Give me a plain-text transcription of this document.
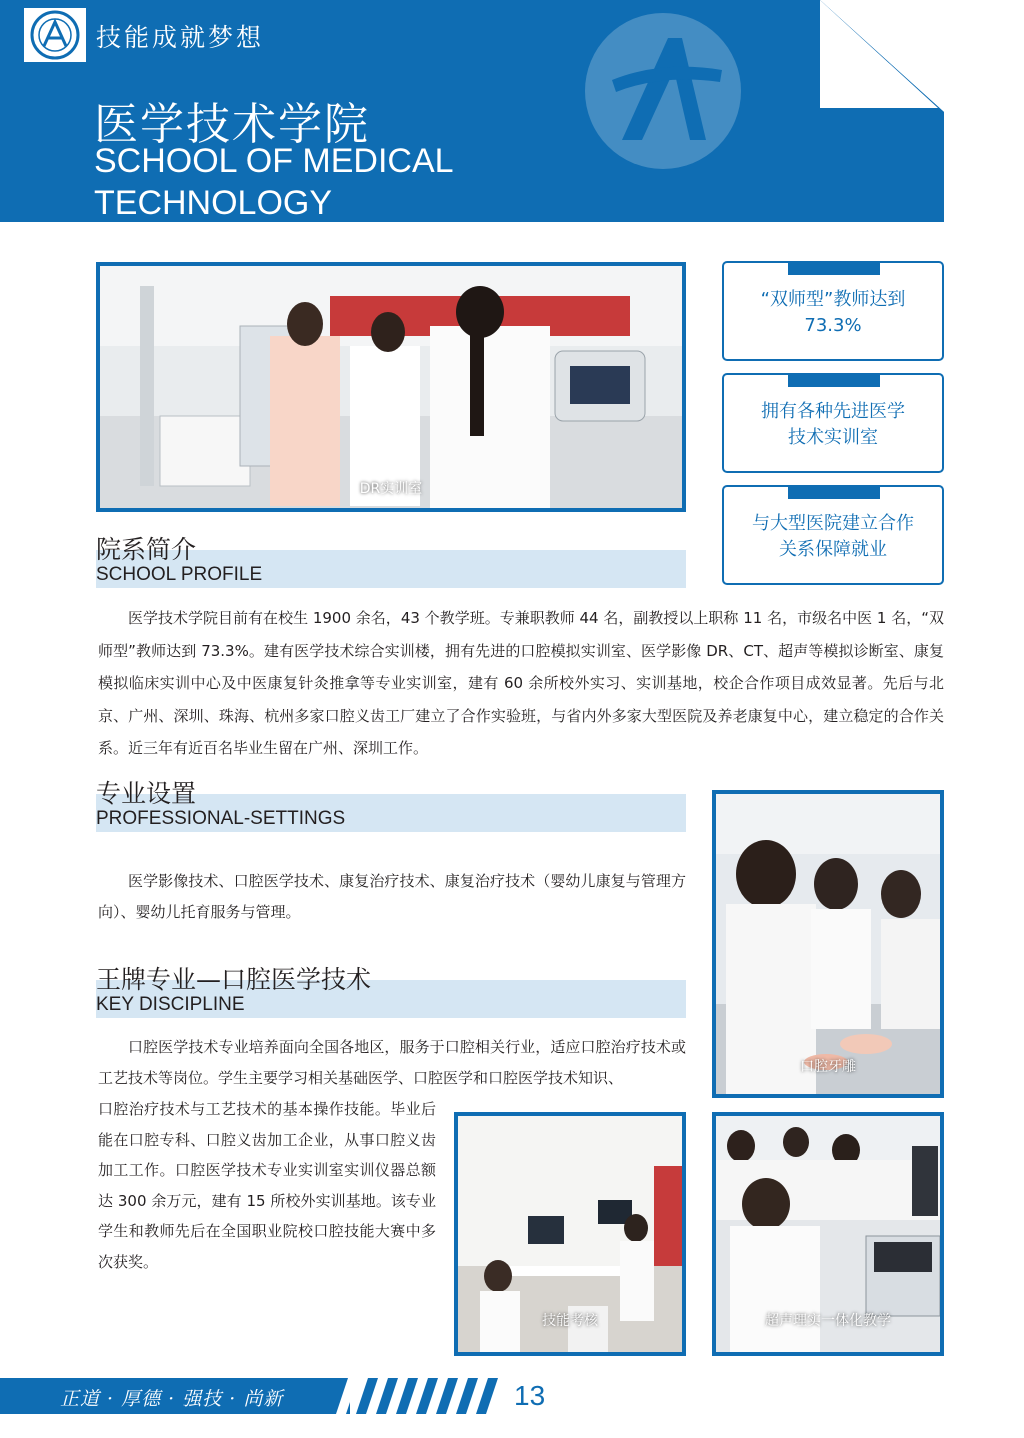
技能成就梦想
医学技术学院
SCHOOL OF MEDICAL
TECHNOLOGY
DR实训室
“双师型”教师达到
73.3%
拥有各种先进医学
技术实训室
与大型医院建立合作
关系保障就业
院系简介
SCHOOL PROFILE

医学技术学院目前有在校生 1900 余名，43 个教学班。专兼职教师 44 名，副教授以上职称 11 名，市级名中医 1 名，“双师型”教师达到 73.3%。建有医学技术综合实训楼，拥有先进的口腔模拟实训室、医学影像 DR、CT、超声等模拟诊断室、康复模拟临床实训中心及中医康复针灸推拿等专业实训室，建有 60 余所校外实习、实训基地，校企合作项目成效显著。先后与北京、广州、深圳、珠海、杭州多家口腔义齿工厂建立了合作实验班，与省内外多家大型医院及养老康复中心，建立稳定的合作关系。近三年有近百名毕业生留在广州、深圳工作。

专业设置
PROFESSIONAL-SETTINGS

医学影像技术、口腔医学技术、康复治疗技术、康复治疗技术（婴幼儿康复与管理方向）、婴幼儿托育服务与管理。

王牌专业—口腔医学技术
KEY DISCIPLINE

口腔医学技术专业培养面向全国各地区，服务于口腔相关行业，适应口腔治疗技术或工艺技术等岗位。学生主要学习相关基础医学、口腔医学和口腔医学技术知识、

口腔治疗技术与工艺技术的基本操作技能。毕业后能在口腔专科、口腔义齿加工企业，从事口腔义齿加工工作。口腔医学技术专业实训室实训仪器总额达 300 余万元，建有 15 所校外实训基地。该专业学生和教师先后在全国职业院校口腔技能大赛中多次获奖。

口腔牙雕
技能考核	超声理实一体化教学
正道 · 厚德 · 强技 · 尚新	13
